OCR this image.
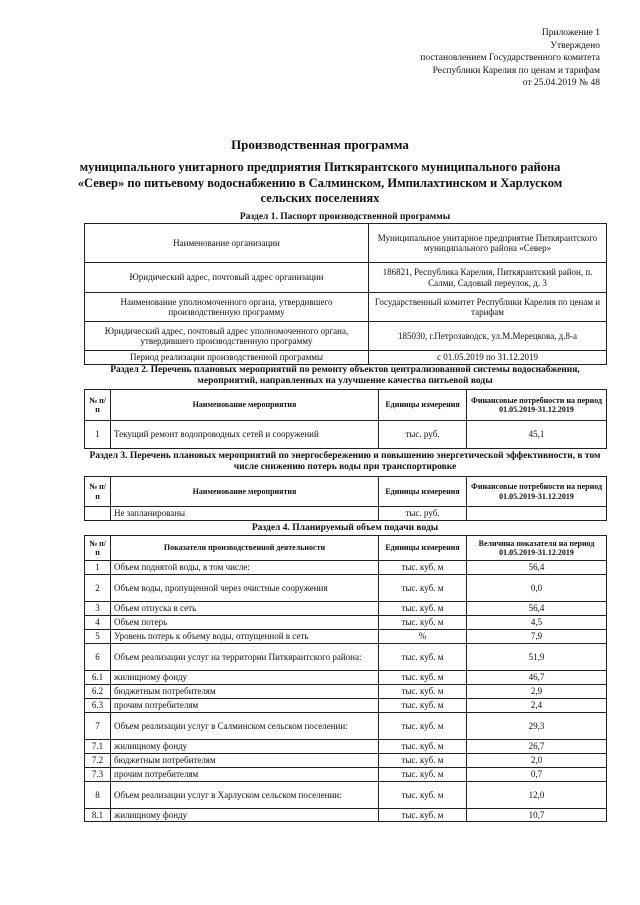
Приложение 1
Утверждено
постановлением Государственного комитета
Республики Карелия по ценам и тарифам
от 25.04.2019 № 48
Производственная программа
муниципального унитарного предприятия Питкярантского муниципального района
«Север» по питьевому водоснабжению в Салминском, Импилахтинском и Харлуском
сельских поселениях
Раздел 1. Паспорт производственной программы
Наименование организации	Муниципальное унитарное предприятие Питкярантского муниципального района «Север»
Юридический адрес, почтовый адрес организации	186821, Республика Карелия, Питкярантский район, п. Салми, Садовый переулок, д. 3
Наименование уполномоченного органа, утвердившего производственную программу	Государственный комитет Республики Карелия по ценам и тарифам
Юридический адрес, почтовый адрес уполномоченного органа, утвердившего производственную программу	185030, г.Петрозаводск, ул.М.Мерецкова, д.8-а
Период реализации производственной программы	с 01.05.2019 по 31.12.2019
Раздел 2. Перечень плановых мероприятий по ремонту объектов централизованной системы водоснабжения, мероприятий, направленных на улучшение качества питьевой воды
№ п/п	Наименование мероприятия	Единицы измерения	Финансовые потребности на период 01.05.2019-31.12.2019
1	Текущий ремонт водопроводных сетей и сооружений	тыс. руб.	45,1
Раздел 3. Перечень плановых мероприятий по энергосбережению и повышению энергетической эффективности, в том числе снижению потерь воды при транспортировке
№ п/п	Наименование мероприятия	Единицы измерения	Финансовые потребности на период 01.05.2019-31.12.2019
	Не запланированы	тыс. руб.	
Раздел 4. Планируемый объем подачи воды
№ п/п	Показатели производственной деятельности	Единицы измерения	Величина показателя на период 01.05.2019-31.12.2019
1	Объем поднятой воды, в том числе:	тыс. куб. м	56,4
2	Объем воды, пропущенной через очистные сооружения	тыс. куб. м	0,0
3	Объем отпуска в сеть	тыс. куб. м	56,4
4	Объем потерь	тыс. куб. м	4,5
5	Уровень потерь к объему воды, отпущенной в сеть	%	7,9
6	Объем реализации услуг на территории Питкярантского района:	тыс. куб. м	51,9
6.1	жилищному фонду	тыс. куб. м	46,7
6.2	бюджетным потребителям	тыс. куб. м	2,9
6.3	прочим потребителям	тыс. куб. м	2,4
7	Объем реализации услуг в Салминском сельском поселении:	тыс. куб. м	29,3
7.1	жилищному фонду	тыс. куб. м	26,7
7.2	бюджетным потребителям	тыс. куб. м	2,0
7.3	прочим потребителям	тыс. куб. м	0,7
8	Объем реализации услуг в Харлуском сельском поселении:	тыс. куб. м	12,0
8.1	жилищному фонду	тыс. куб. м	10,7
